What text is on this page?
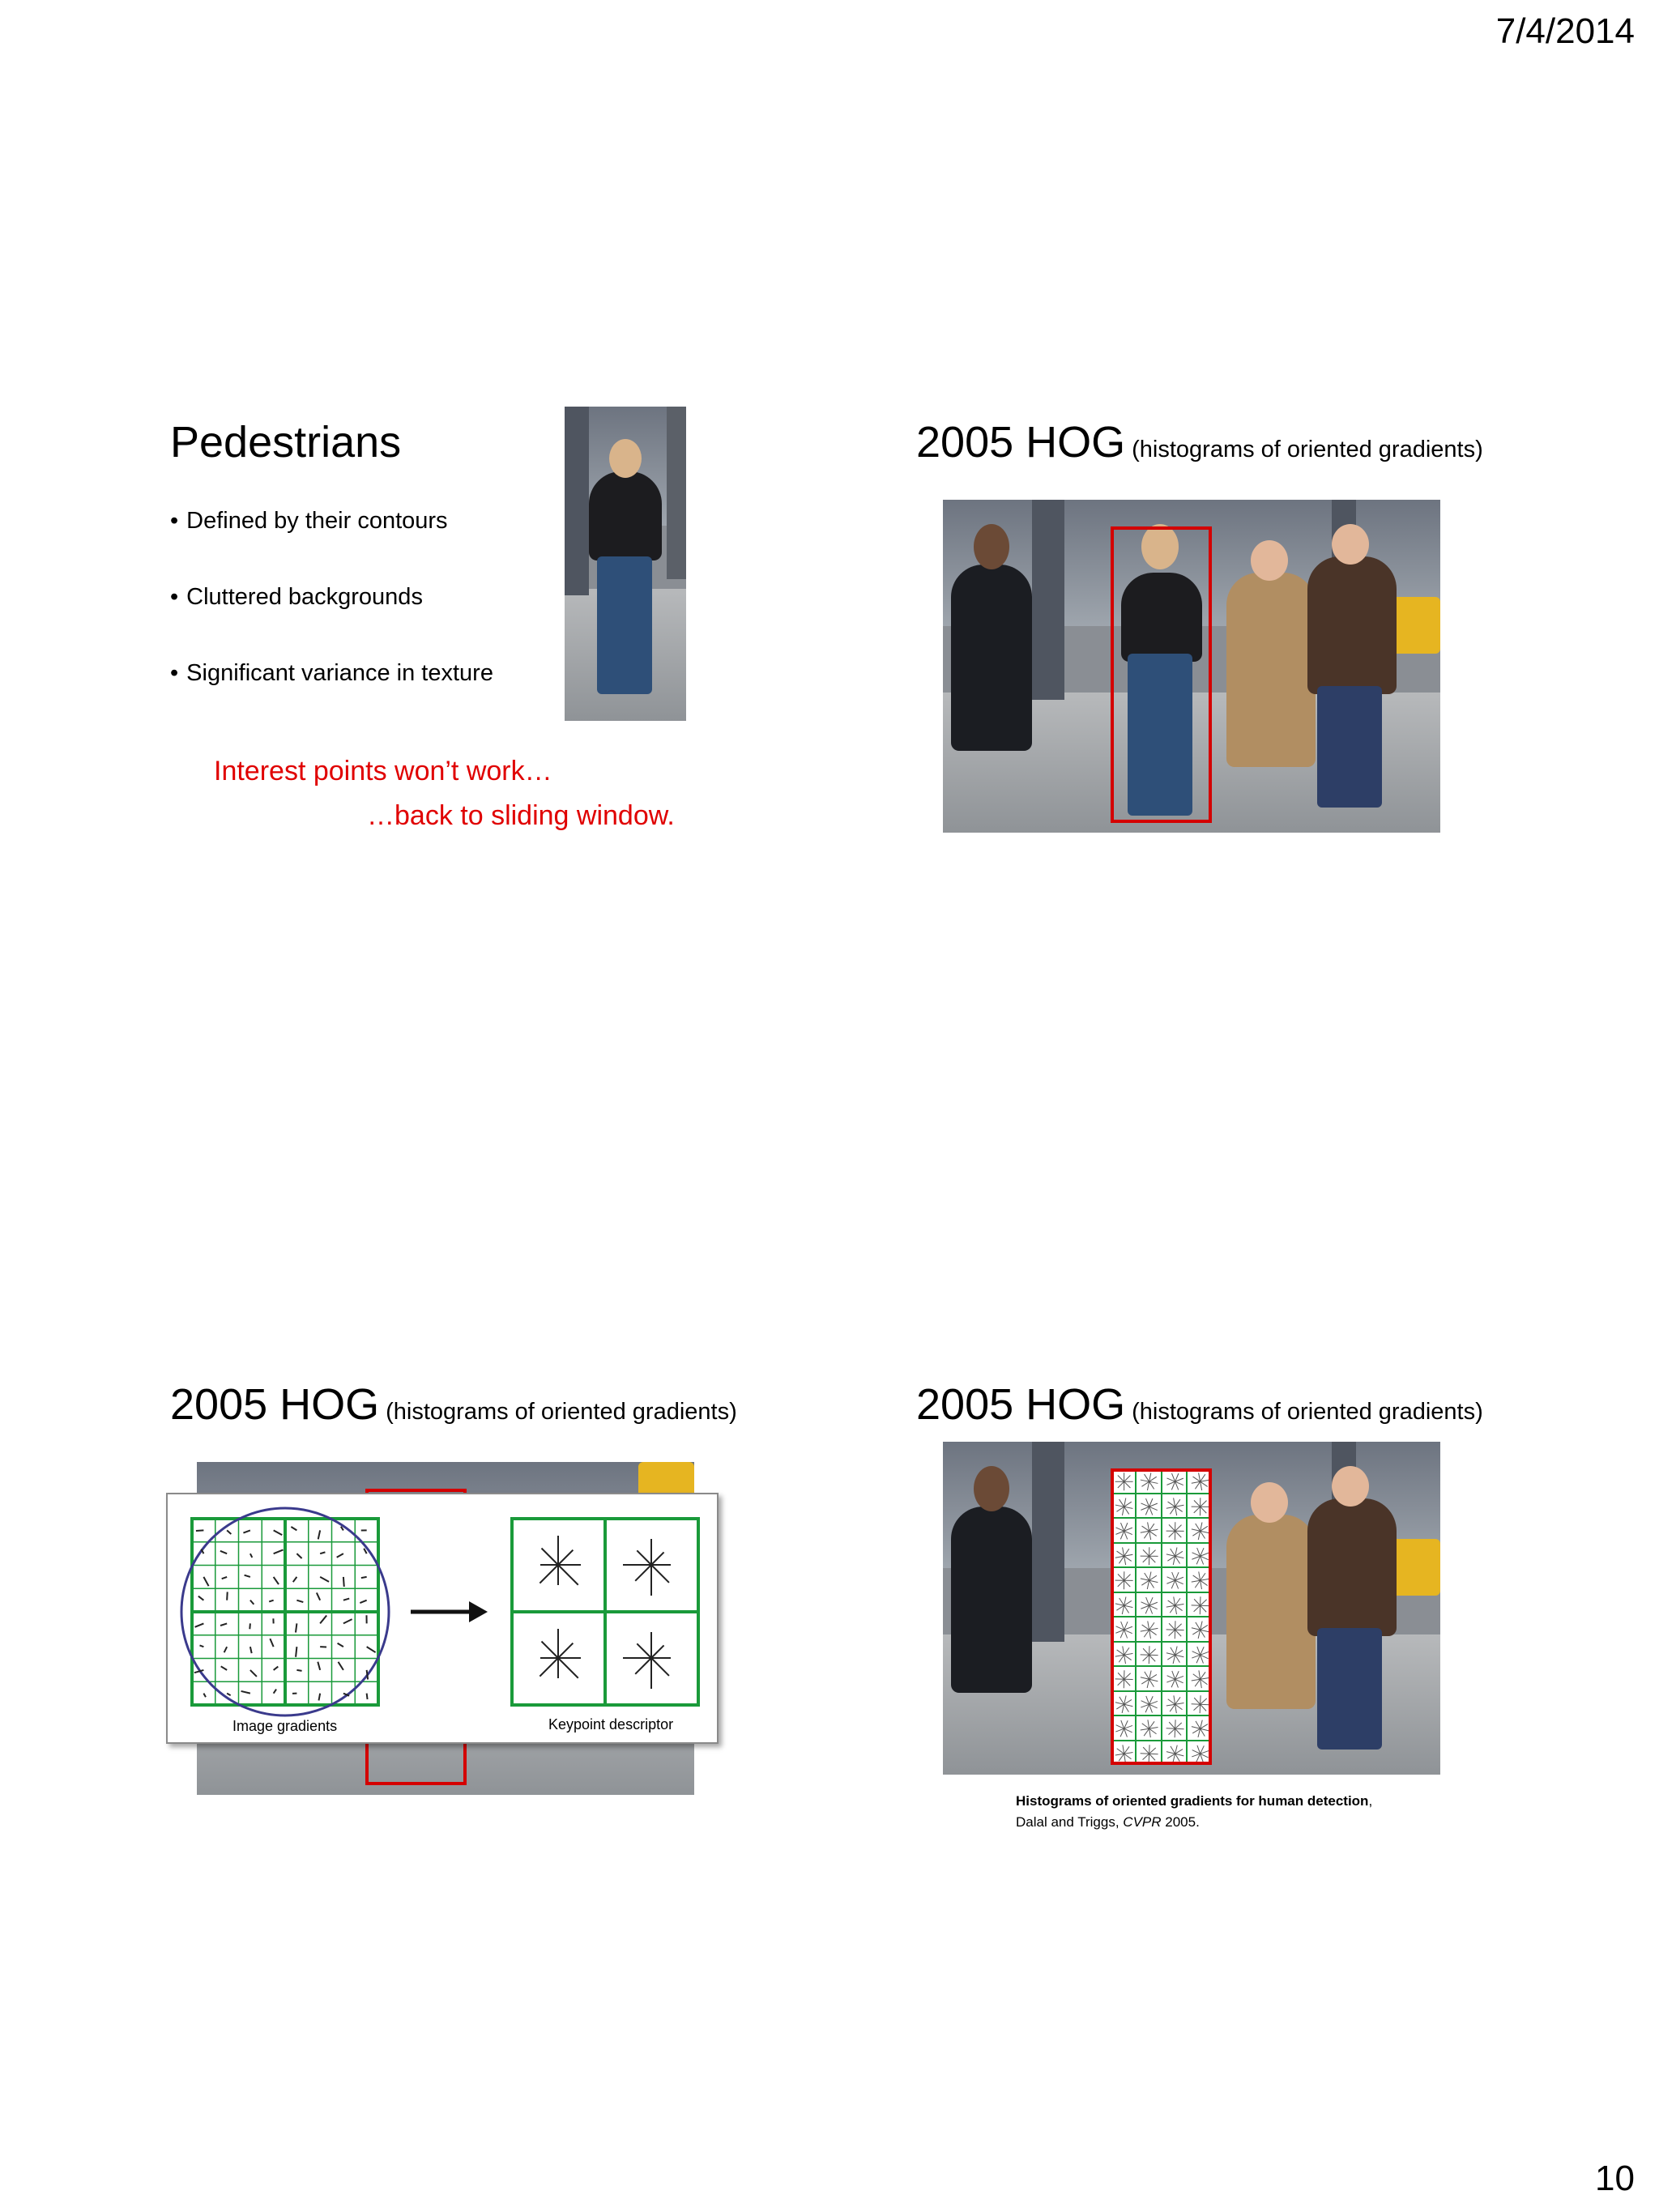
7/4/2014
Pedestrians
• Defined by their contours
• Cluttered backgrounds
• Significant variance in texture
Interest points won’t work…
…back to sliding window.
2005 HOG (histograms of oriented gradients)
2005 HOG (histograms of oriented gradients)
Image gradients	Keypoint descriptor
2005 HOG (histograms of oriented gradients)
Histograms of oriented gradients for human detection,
Dalal and Triggs, CVPR 2005.
10
